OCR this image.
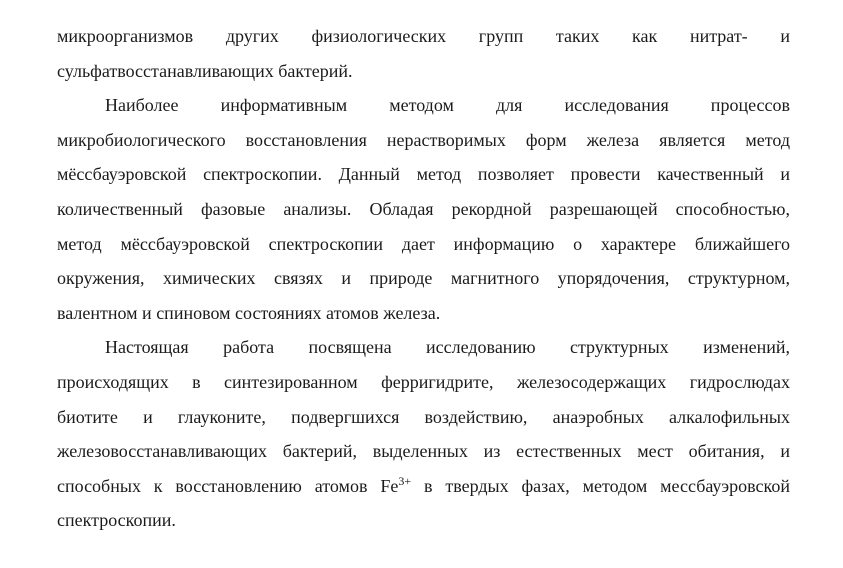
микроорганизмов других физиологических групп таких как нитрат- и
сульфатвосстанавливающих бактерий.
Наиболее информативным методом для исследования процессов
микробиологического восстановления нерастворимых форм железа является метод
мёссбауэровской спектроскопии. Данный метод позволяет провести качественный и
количественный фазовые анализы. Обладая рекордной разрешающей способностью,
метод мёссбауэровской спектроскопии дает информацию о характере ближайшего
окружения, химических связях и природе магнитного упорядочения, структурном,
валентном и спиновом состояниях атомов железа.
Настоящая работа посвящена исследованию структурных изменений,
происходящих в синтезированном ферригидрите, железосодержащих гидрослюдах
биотите и глауконите, подвергшихся воздействию, анаэробных алкалофильных
железовосстанавливающих бактерий, выделенных из естественных мест обитания, и
способных к восстановлению атомов $Fe^{3+}$ в твердых фазах, методом мессбауэровской
спектроскопии.
